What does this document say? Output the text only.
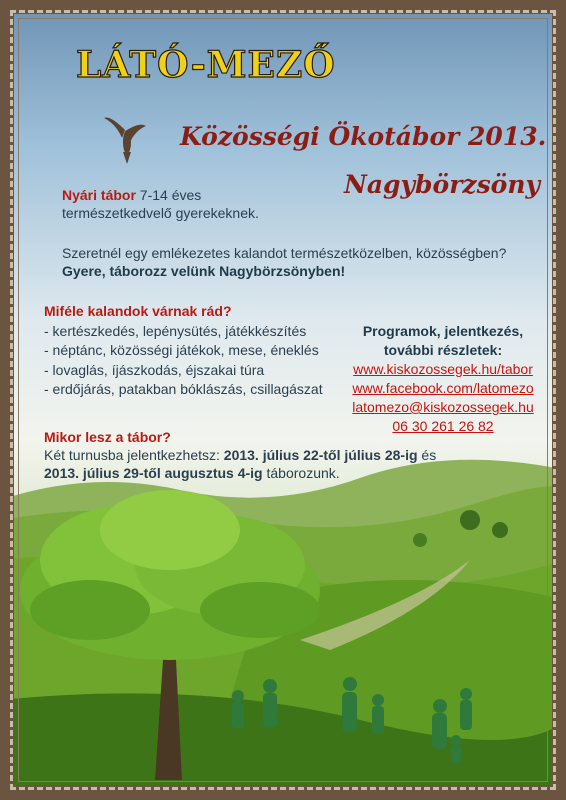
LÁTÓ-MEZŐ
Közösségi Ökotábor 2013.
Nagybörzsöny
Nyári tábor 7-14 éves
természetkedvelő gyerekeknek.
Szeretnél egy emlékezetes kalandot természetközelben, közösségben?
Gyere, táborozz velünk Nagybörzsönyben!
Miféle kalandok várnak rád?
- kertészkedés, lepénysütés, játékkészítés
- néptánc, közösségi játékok, mese, éneklés
- lovaglás, íjászkodás, éjszakai túra
- erdőjárás, patakban bóklászás, csillagászat
Mikor lesz a tábor?
Két turnusba jelentkezhetsz: 2013. július 22-től július 28-ig és
2013. július 29-től augusztus 4-ig táborozunk.
Programok, jelentkezés,
további részletek:
www.kiskozossegek.hu/tabor
www.facebook.com/latomezo
latomezo@kiskozossegek.hu
06 30 261 26 82
